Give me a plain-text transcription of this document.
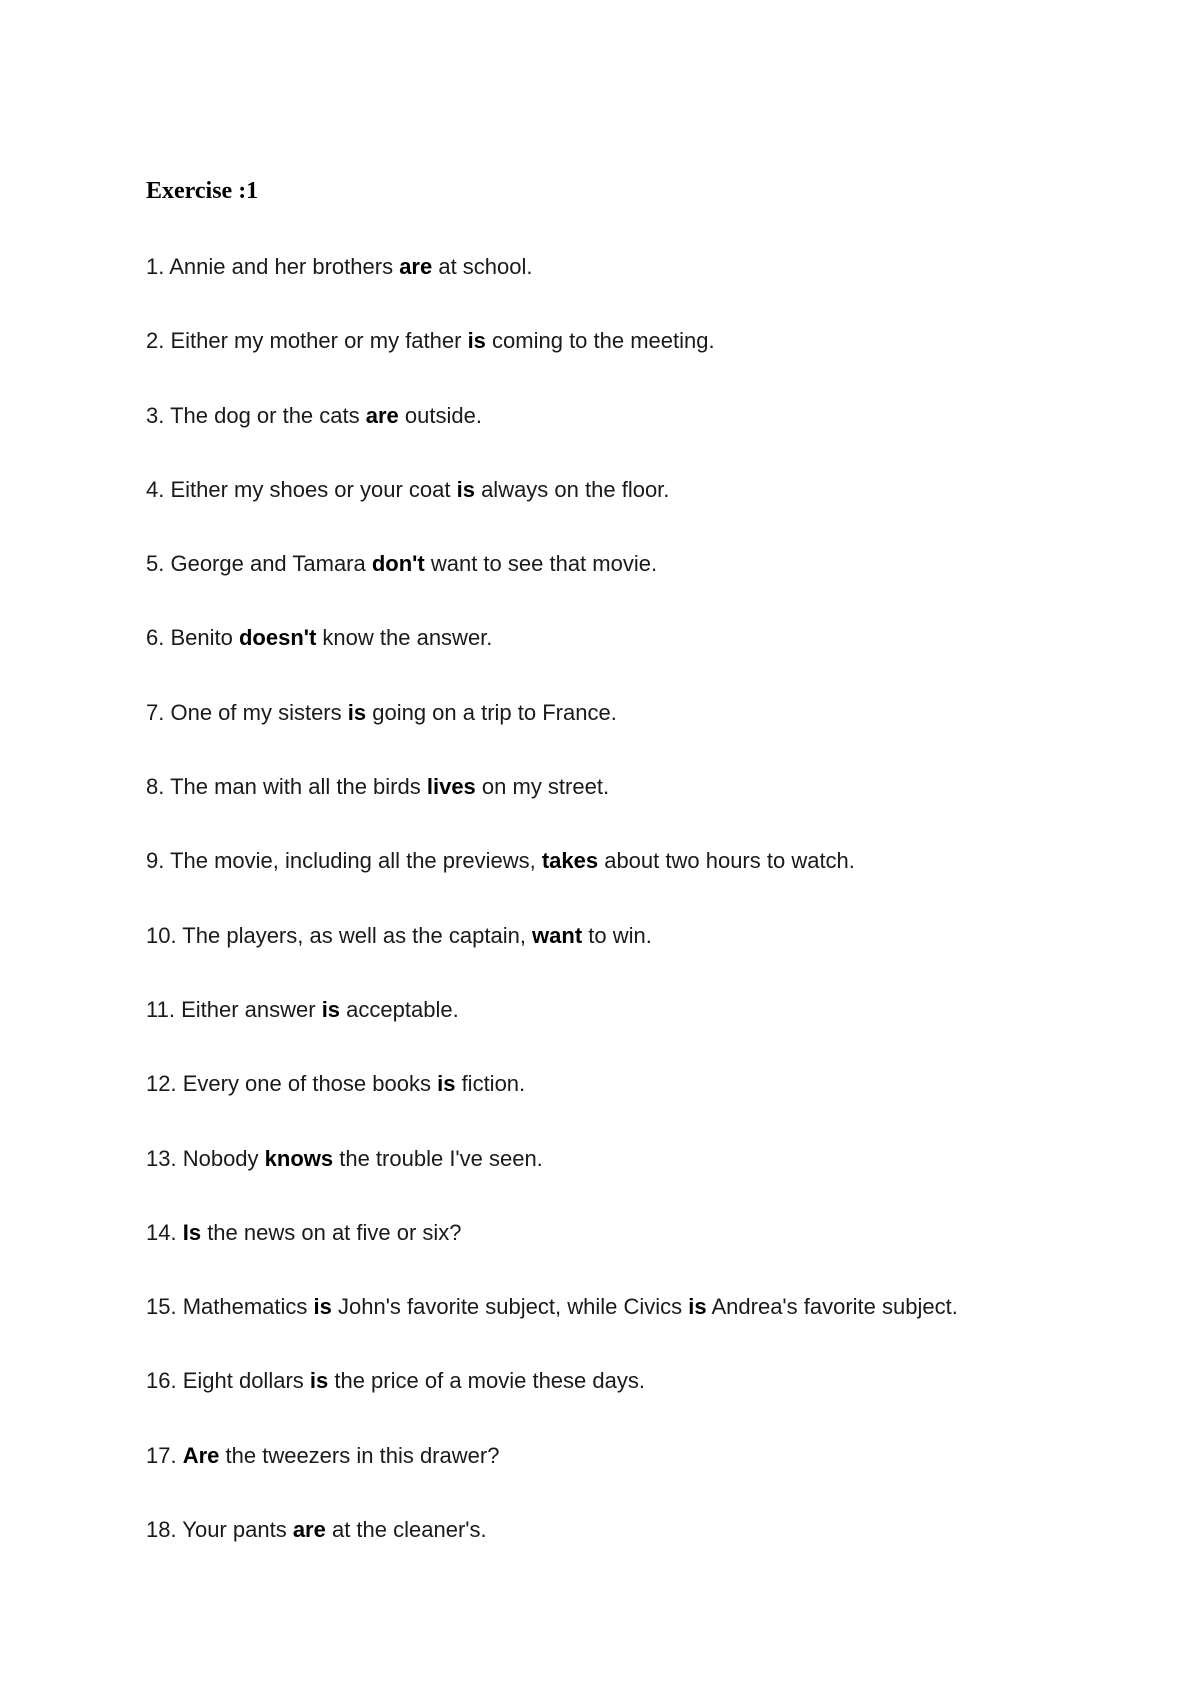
Exercise :1
1. Annie and her brothers are at school.
2. Either my mother or my father is coming to the meeting.
3. The dog or the cats are outside.
4. Either my shoes or your coat is always on the floor.
5. George and Tamara don't want to see that movie.
6. Benito doesn't know the answer.
7. One of my sisters is going on a trip to France.
8. The man with all the birds lives on my street.
9. The movie, including all the previews, takes about two hours to watch.
10. The players, as well as the captain, want to win.
11. Either answer is acceptable.
12. Every one of those books is fiction.
13. Nobody knows the trouble I've seen.
14. Is the news on at five or six?
15. Mathematics is John's favorite subject, while Civics is Andrea's favorite subject.
16. Eight dollars is the price of a movie these days.
17. Are the tweezers in this drawer?
18. Your pants are at the cleaner's.
